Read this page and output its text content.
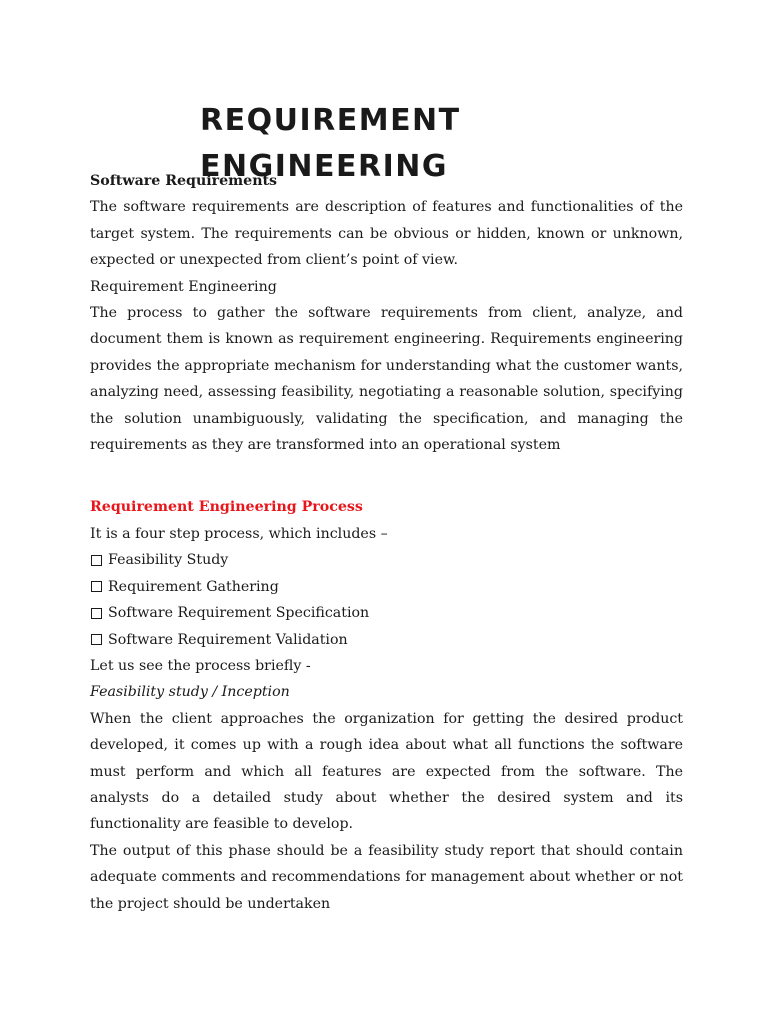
REQUIREMENT
ENGINEERING

Software Requirements

The software requirements are description of features and functionalities of the target system. The requirements can be obvious or hidden, known or unknown, expected or unexpected from client’s point of view.

Requirement Engineering

The process to gather the software requirements from client, analyze, and document them is known as requirement engineering. Requirements engineering provides the appropriate mechanism for understanding what the customer wants, analyzing need, assessing feasibility, negotiating a reasonable solution, specifying the solution unambiguously, validating the specification, and managing the requirements as they are transformed into an operational system

Requirement Engineering Process

It is a four step process, which includes –

Feasibility Study

Requirement Gathering

Software Requirement Specification

Software Requirement Validation

Let us see the process briefly -

Feasibility study / Inception

When the client approaches the organization for getting the desired product developed, it comes up with a rough idea about what all functions the software must perform and which all features are expected from the software. The analysts do a detailed study about whether the desired system and its functionality are feasible to develop.

The output of this phase should be a feasibility study report that should contain adequate comments and recommendations for management about whether or not the project should be undertaken
